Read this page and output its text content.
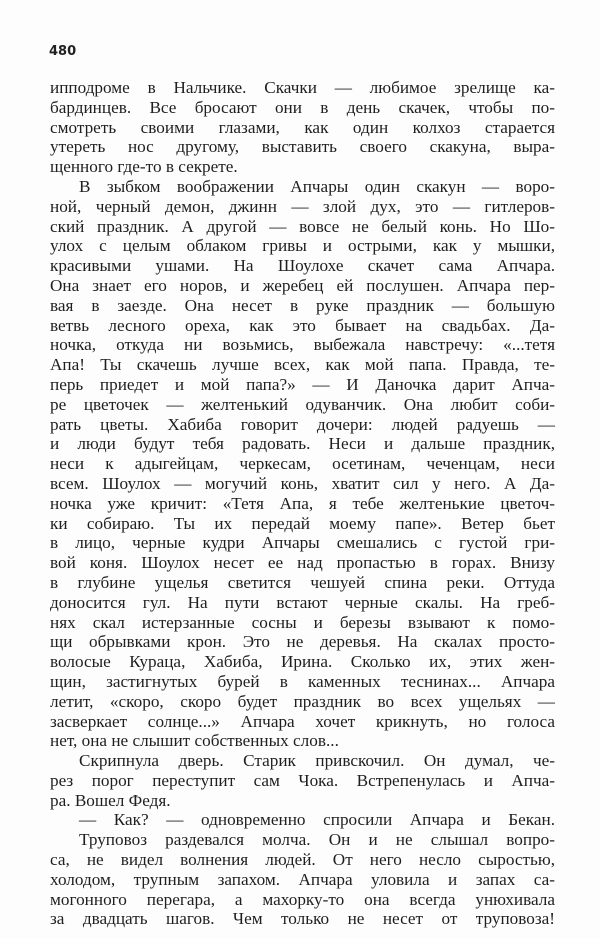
480
ипподроме в Нальчике. Скачки — любимое зрелище ка-
бардинцев. Все бросают они в день скачек, чтобы по-
смотреть своими глазами, как один колхоз старается
утереть нос другому, выставить своего скакуна, выра-
щенного где-то в секрете.
В зыбком воображении Апчары один скакун — воро-
ной, черный демон, джинн — злой дух, это — гитлеров-
ский праздник. А другой — вовсе не белый конь. Но Шо-
улох с целым облаком гривы и острыми, как у мышки,
красивыми ушами. На Шоулохе скачет сама Апчара.
Она знает его норов, и жеребец ей послушен. Апчара пер-
вая в заезде. Она несет в руке праздник — большую
ветвь лесного ореха, как это бывает на свадьбах. Да-
ночка, откуда ни возьмись, выбежала навстречу: «...тетя
Апа! Ты скачешь лучше всех, как мой папа. Правда, те-
перь приедет и мой папа?» — И Даночка дарит Апча-
ре цветочек — желтенький одуванчик. Она любит соби-
рать цветы. Хабиба говорит дочери: людей радуешь —
и люди будут тебя радовать. Неси и дальше праздник,
неси к адыгейцам, черкесам, осетинам, чеченцам, неси
всем. Шоулох — могучий конь, хватит сил у него. А Да-
ночка уже кричит: «Тетя Апа, я тебе желтенькие цветоч-
ки собираю. Ты их передай моему папе». Ветер бьет
в лицо, черные кудри Апчары смешались с густой гри-
вой коня. Шоулох несет ее над пропастью в горах. Внизу
в глубине ущелья светится чешуей спина реки. Оттуда
доносится гул. На пути встают черные скалы. На греб-
нях скал истерзанные сосны и березы взывают к помо-
щи обрывками крон. Это не деревья. На скалах просто-
волосые Кураца, Хабиба, Ирина. Сколько их, этих жен-
щин, застигнутых бурей в каменных теснинах... Апчара
летит, «скоро, скоро будет праздник во всех ущельях —
засверкает солнце...» Апчара хочет крикнуть, но голоса
нет, она не слышит собственных слов...
Скрипнула дверь. Старик привскочил. Он думал, че-
рез порог переступит сам Чока. Встрепенулась и Апча-
ра. Вошел Федя.
— Как? — одновременно спросили Апчара и Бекан.
Труповоз раздевался молча. Он и не слышал вопро-
са, не видел волнения людей. От него несло сыростью,
холодом, трупным запахом. Апчара уловила и запах са-
могонного перегара, а махорку-то она всегда унюхивала
за двадцать шагов. Чем только не несет от труповоза!
